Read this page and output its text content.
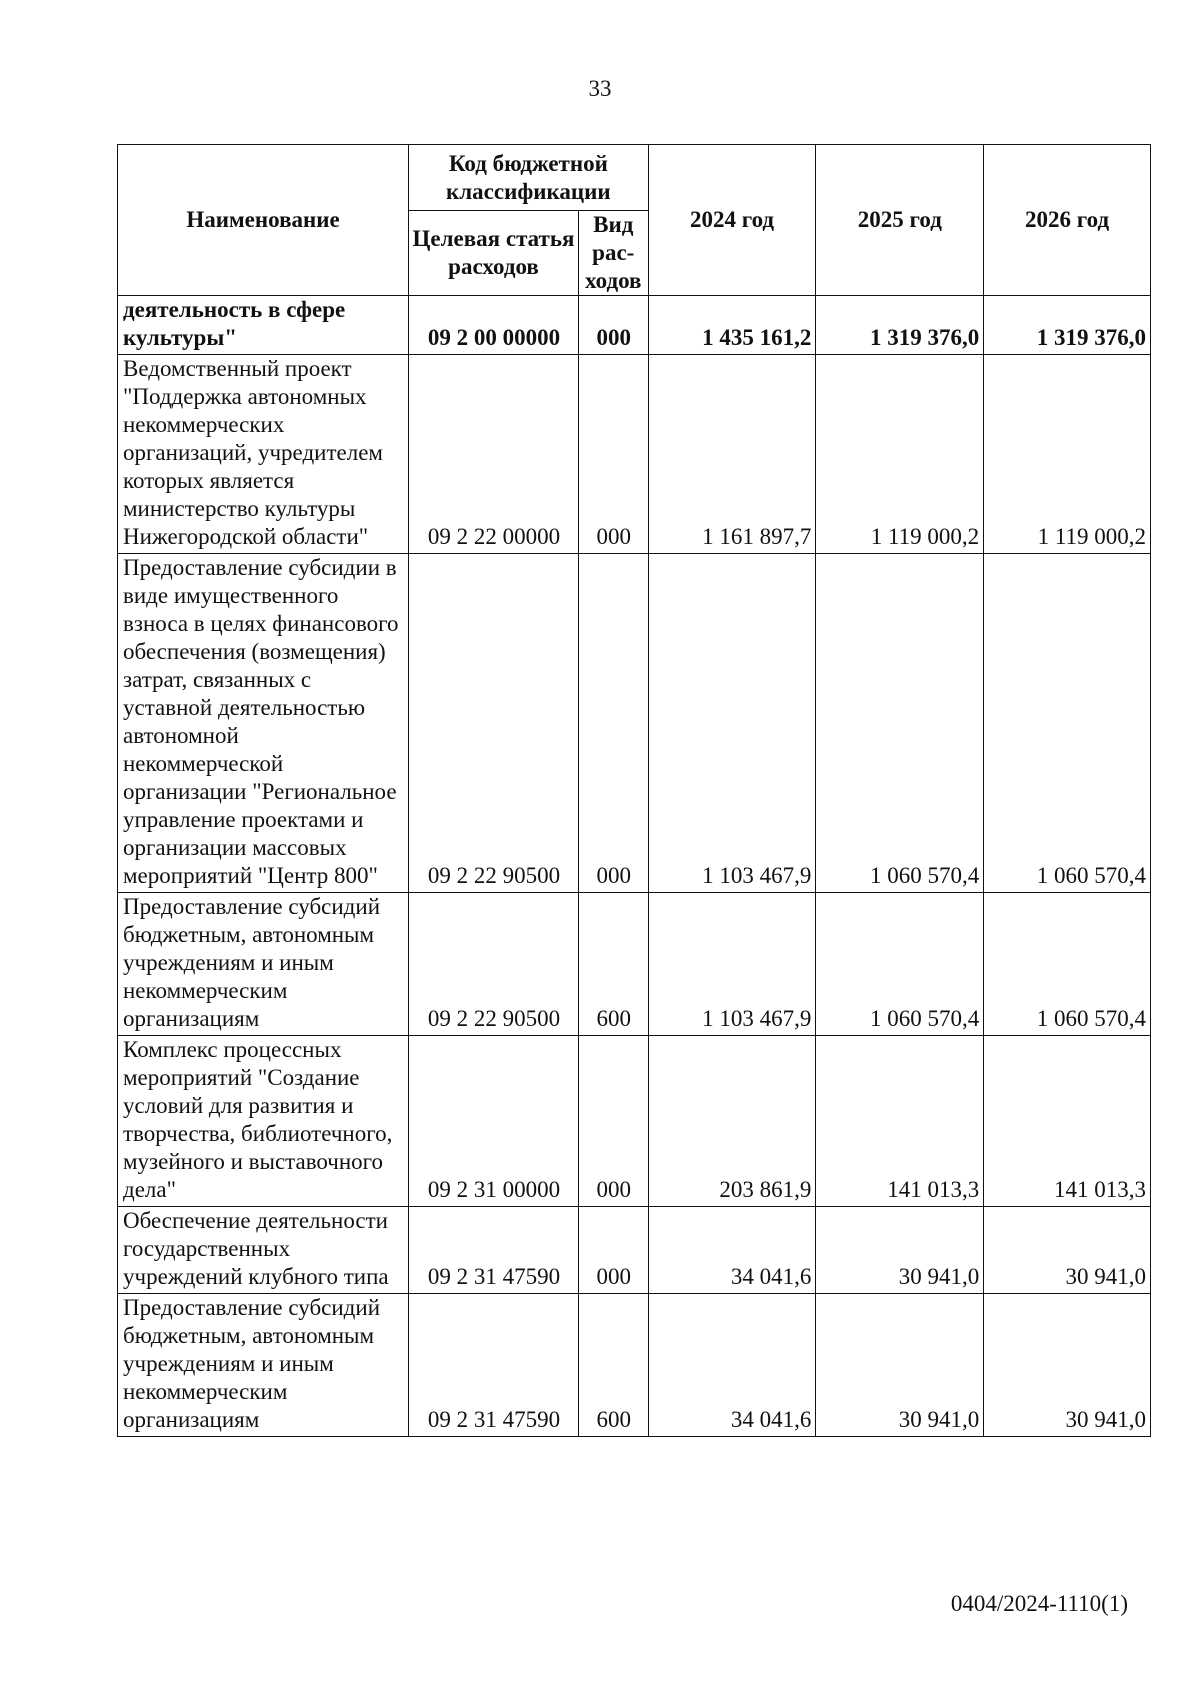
33
Наименование	Код бюджетной классификации		2024 год	2025 год	2026 год
	Целевая статья расходов	Вид рас-ходов			
деятельность в сфере культуры"	09 2 00 00000	000	1 435 161,2	1 319 376,0	1 319 376,0
Ведомственный проект "Поддержка автономных некоммерческих организаций, учредителем которых является министерство культуры Нижегородской области"	09 2 22 00000	000	1 161 897,7	1 119 000,2	1 119 000,2
Предоставление субсидии в виде имущественного взноса в целях финансового обеспечения (возмещения) затрат, связанных с уставной деятельностью автономной некоммерческой организации "Региональное управление проектами и организации массовых мероприятий "Центр 800"	09 2 22 90500	000	1 103 467,9	1 060 570,4	1 060 570,4
Предоставление субсидий бюджетным, автономным учреждениям и иным некоммерческим организациям	09 2 22 90500	600	1 103 467,9	1 060 570,4	1 060 570,4
Комплекс процессных мероприятий "Создание условий для развития и творчества, библиотечного, музейного и выставочного дела"	09 2 31 00000	000	203 861,9	141 013,3	141 013,3
Обеспечение деятельности государственных учреждений клубного типа	09 2 31 47590	000	34 041,6	30 941,0	30 941,0
Предоставление субсидий бюджетным, автономным учреждениям и иным некоммерческим организациям	09 2 31 47590	600	34 041,6	30 941,0	30 941,0
0404/2024-1110(1)
